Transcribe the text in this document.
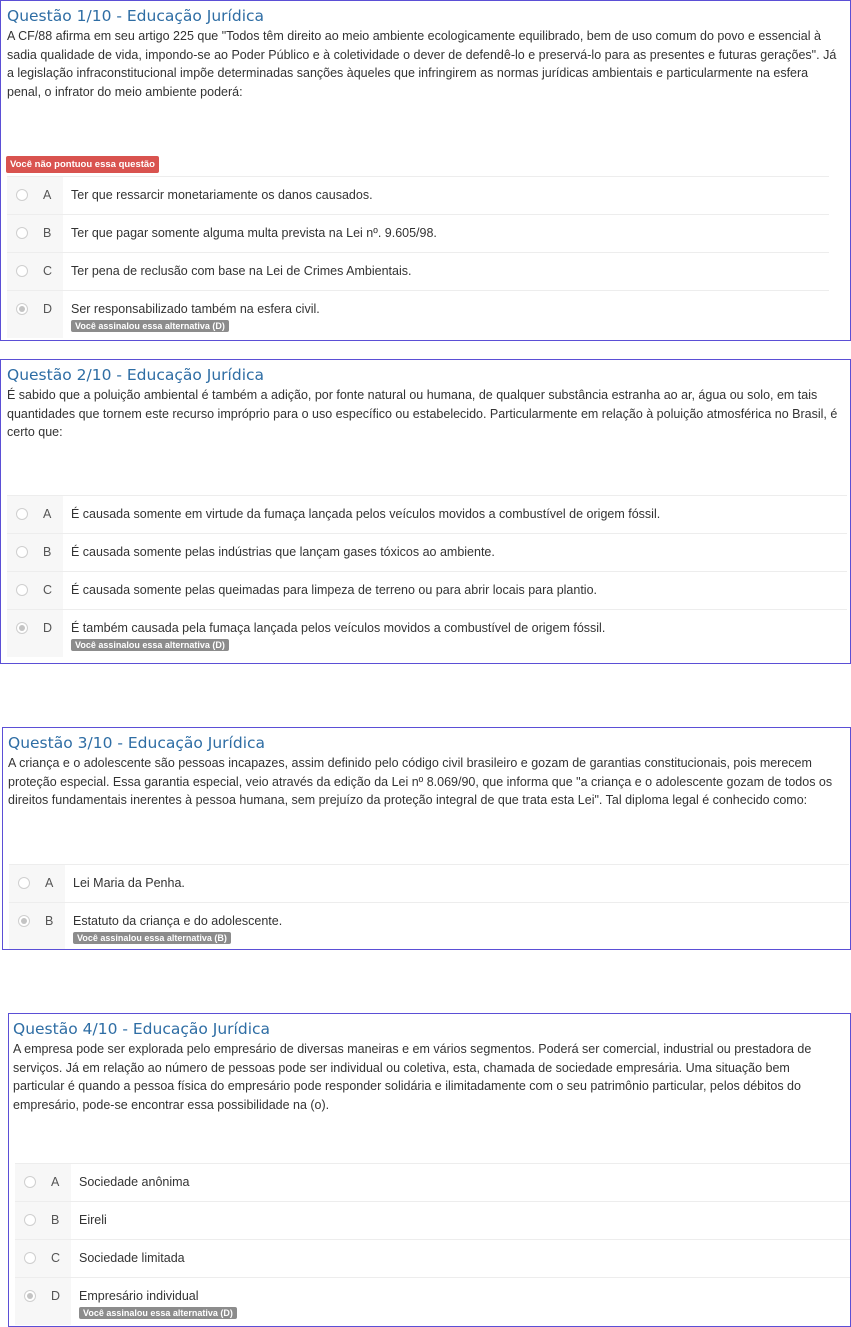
Questão 1/10 - Educação Jurídica
A CF/88 afirma em seu artigo 225 que "Todos têm direito ao meio ambiente ecologicamente equilibrado, bem de uso comum do povo e essencial à sadia qualidade de vida, impondo-se ao Poder Público e à coletividade o dever de defendê-lo e preservá-lo para as presentes e futuras gerações". Já a legislação infraconstitucional impõe determinadas sanções àqueles que infringirem as normas jurídicas ambientais e particularmente na esfera penal, o infrator do meio ambiente poderá:
Você não pontuou essa questão
A Ter que ressarcir monetariamente os danos causados.
B Ter que pagar somente alguma multa prevista na Lei nº. 9.605/98.
C Ter pena de reclusão com base na Lei de Crimes Ambientais.
D Ser responsabilizado também na esfera civil.
Você assinalou essa alternativa (D)
Questão 2/10 - Educação Jurídica
É sabido que a poluição ambiental é também a adição, por fonte natural ou humana, de qualquer substância estranha ao ar, água ou solo, em tais quantidades que tornem este recurso impróprio para o uso específico ou estabelecido. Particularmente em relação à poluição atmosférica no Brasil, é certo que:
A É causada somente em virtude da fumaça lançada pelos veículos movidos a combustível de origem fóssil.
B É causada somente pelas indústrias que lançam gases tóxicos ao ambiente.
C É causada somente pelas queimadas para limpeza de terreno ou para abrir locais para plantio.
D É também causada pela fumaça lançada pelos veículos movidos a combustível de origem fóssil.
Você assinalou essa alternativa (D)
Questão 3/10 - Educação Jurídica
A criança e o adolescente são pessoas incapazes, assim definido pelo código civil brasileiro e gozam de garantias constitucionais, pois merecem proteção especial. Essa garantia especial, veio através da edição da Lei nº 8.069/90, que informa que "a criança e o adolescente gozam de todos os direitos fundamentais inerentes à pessoa humana, sem prejuízo da proteção integral de que trata esta Lei". Tal diploma legal é conhecido como:
A Lei Maria da Penha.
B Estatuto da criança e do adolescente.
Você assinalou essa alternativa (B)
Questão 4/10 - Educação Jurídica
A empresa pode ser explorada pelo empresário de diversas maneiras e em vários segmentos. Poderá ser comercial, industrial ou prestadora de serviços. Já em relação ao número de pessoas pode ser individual ou coletiva, esta, chamada de sociedade empresária. Uma situação bem particular é quando a pessoa física do empresário pode responder solidária e ilimitadamente com o seu patrimônio particular, pelos débitos do empresário, pode-se encontrar essa possibilidade na (o).
A Sociedade anônima
B Eireli
C Sociedade limitada
D Empresário individual
Você assinalou essa alternativa (D)
